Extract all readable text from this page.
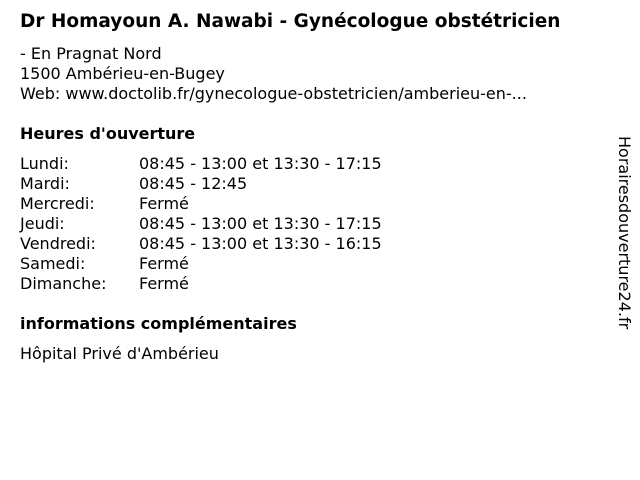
Dr Homayoun A. Nawabi - Gynécologue obstétricien
- En Pragnat Nord
1500 Ambérieu-en-Bugey
Web: www.doctolib.fr/gynecologue-obstetricien/amberieu-en-...
Heures d'ouverture
Lundi:	08:45 - 13:00 et 13:30 - 17:15
Mardi:	08:45 - 12:45
Mercredi:	Fermé
Jeudi:	08:45 - 13:00 et 13:30 - 17:15
Vendredi:	08:45 - 13:00 et 13:30 - 16:15
Samedi:	Fermé
Dimanche: Fermé
informations complémentaires
Hôpital Privé d'Ambérieu
Horairesdouverture24.fr
